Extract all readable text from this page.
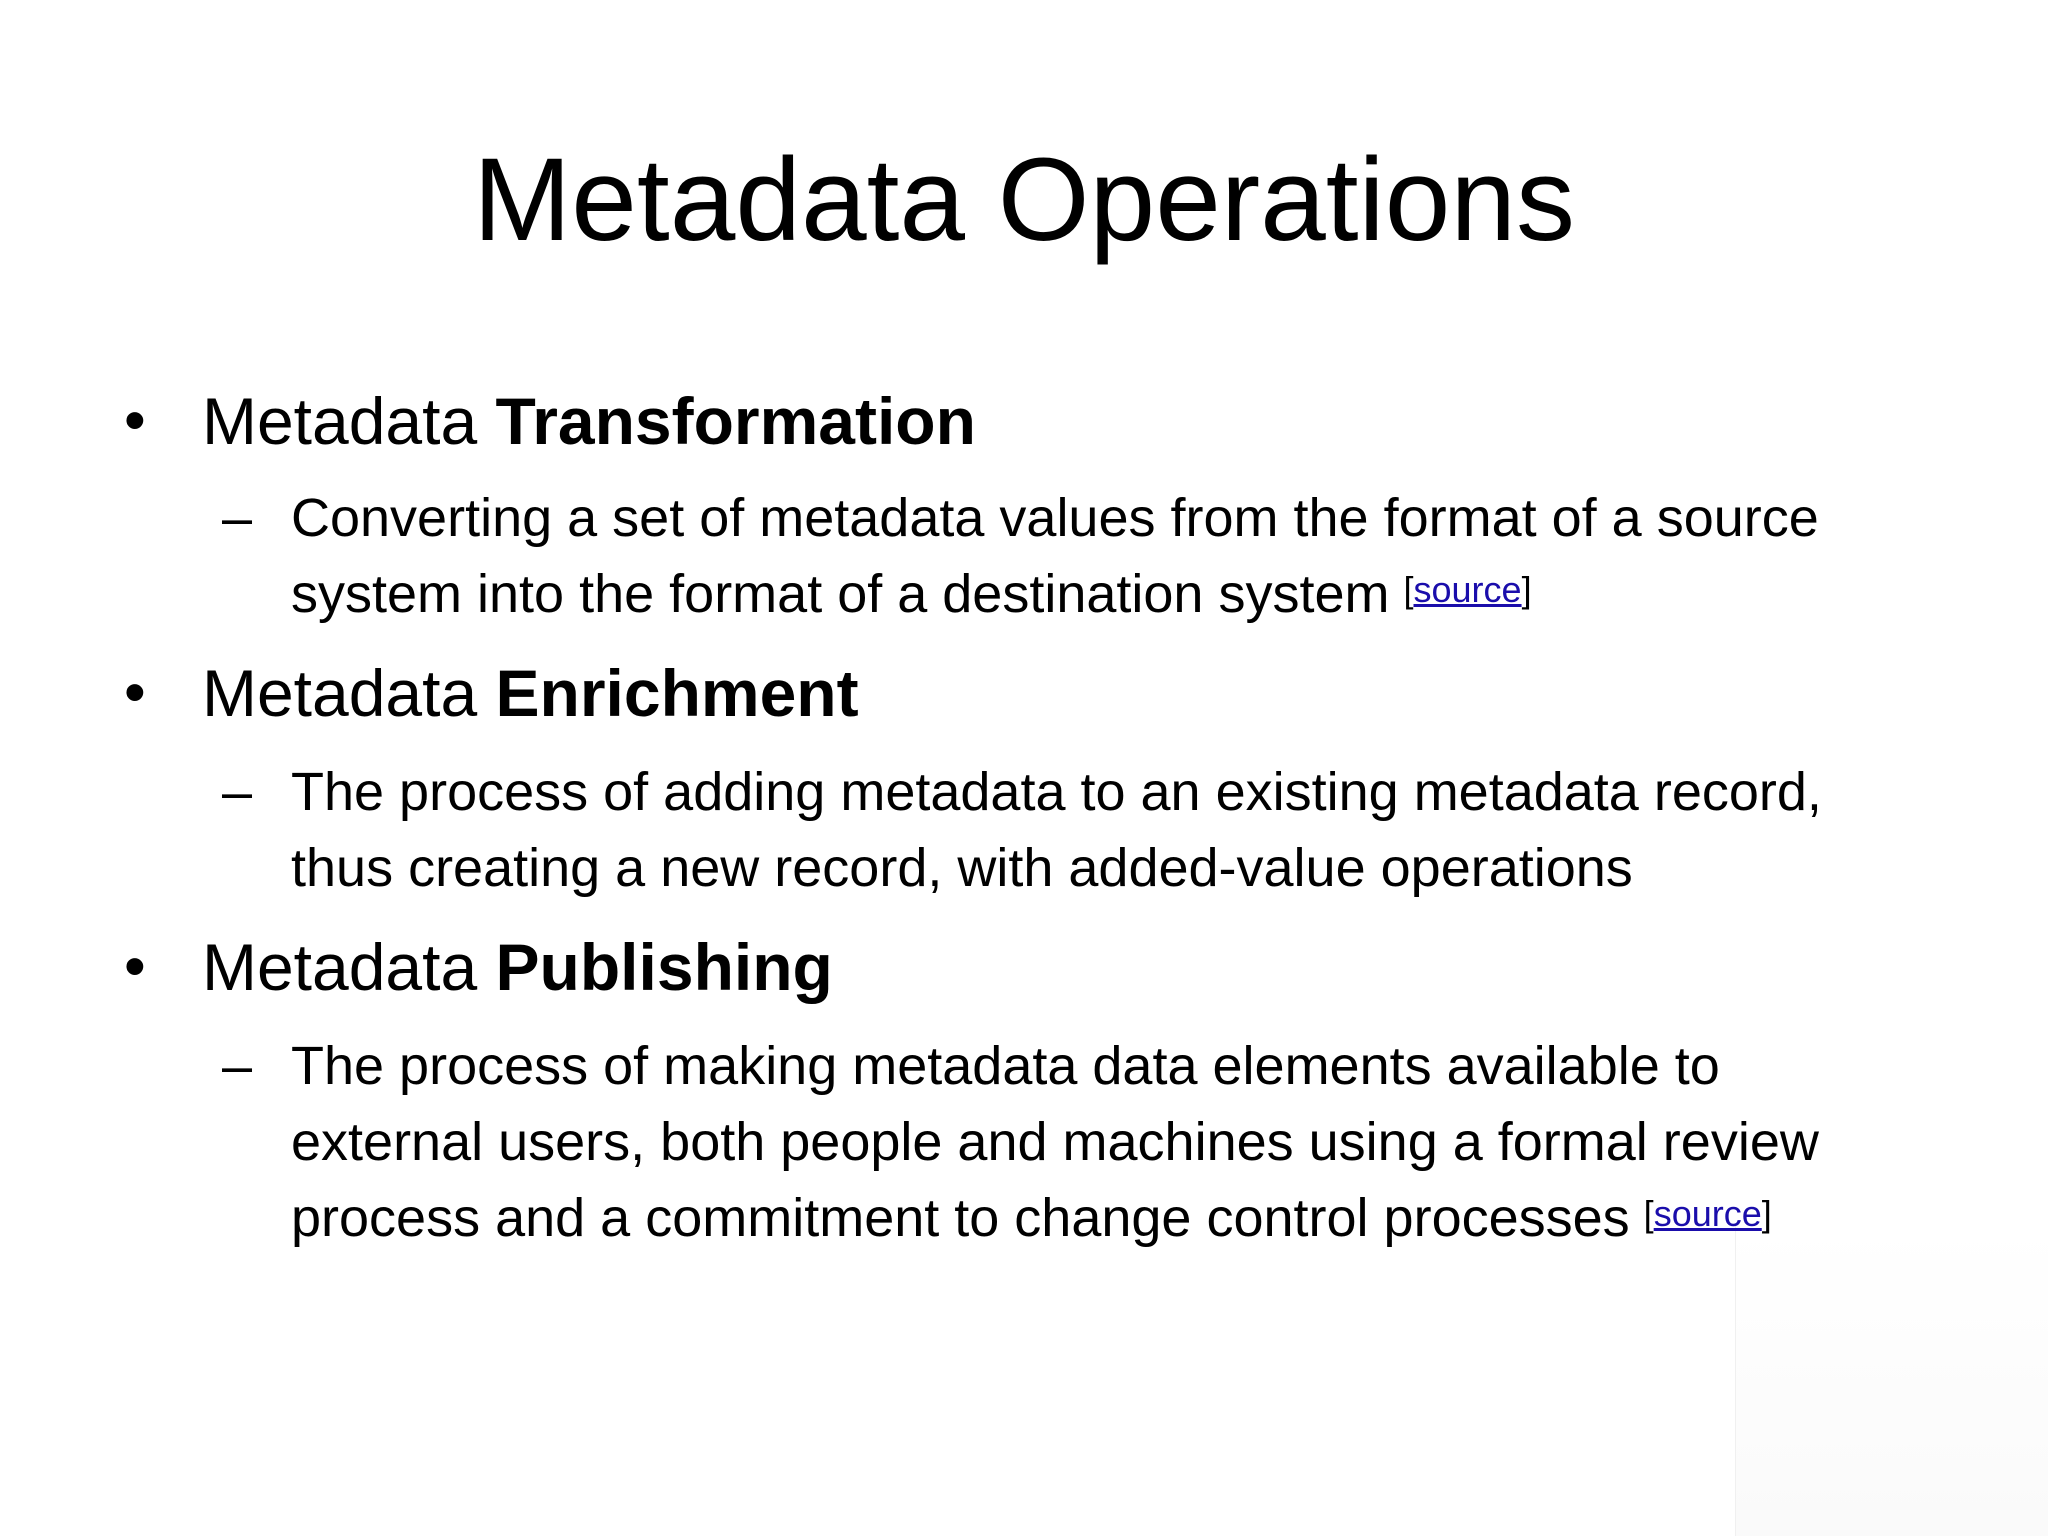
Metadata Operations
• Metadata Transformation
– Converting a set of metadata values from the format of a source
system into the format of a destination system [source]
• Metadata Enrichment
– The process of adding metadata to an existing metadata record,
thus creating a new record, with added-value operations
• Metadata Publishing
– The process of making metadata data elements available to
external users, both people and machines using a formal review
process and a commitment to change control processes [source]
